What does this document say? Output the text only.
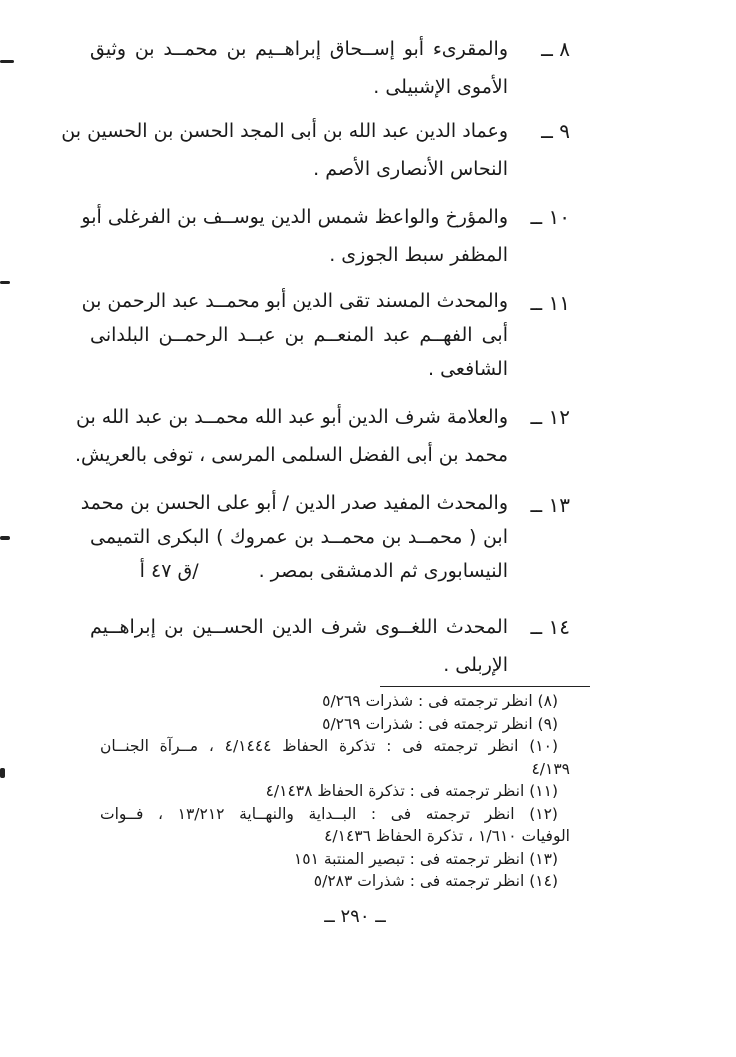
٨ ــ
والمقرىء أبو إســحاق إبراهــيم بن محمــد بن وثيق
الأموى الإشبيلى .
٩ ــ
وعماد الدين عبد الله بن أبى المجد الحسن بن الحسين بن
النحاس الأنصارى الأصم .
١٠ ــ
والمؤرخ والواعظ شمس الدين يوســف بن الفرغلى أبو
المظفر سبط الجوزى .
١١ ــ
والمحدث المسند تقى الدين أبو محمــد عبد الرحمن بن
أبى الفهــم عبد المنعــم بن عبــد الرحمــن البلدانى
الشافعى .
١٢ ــ
والعلامة شرف الدين أبو عبد الله محمــد بن عبد الله بن
محمد بن أبى الفضل السلمى المرسى ، توفى بالعريش.
١٣ ــ
والمحدث المفيد صدر الدين / أبو على الحسن بن محمد
ابن ( محمــد بن محمــد بن عمروك ) البكرى التميمى
النيسابورى ثم الدمشقى بمصر ./ق ٤٧ أ
١٤ ــ
المحدث اللغــوى شرف الدين الحســين بن إبراهــيم
الإربلى .
(٨) انظر ترجمته فى : شذرات ٥/٢٦٩
(٩) انظر ترجمته فى : شذرات ٥/٢٦٩
(١٠) انظر ترجمته فى : تذكرة الحفاظ ٤/١٤٤٤ ، مــرآة الجنــان
٤/١٣٩
(١١) انظر ترجمته فى : تذكرة الحفاظ ٤/١٤٣٨
(١٢) انظر ترجمته فى : البــداية والنهــاية ١٣/٢١٢ ، فــوات
الوفيات ١/٦١٠ ، تذكرة الحفاظ ٤/١٤٣٦
(١٣) انظر ترجمته فى : تبصير المنتبة ١٥١
(١٤) انظر ترجمته فى : شذرات ٥/٢٨٣
ــ ٢٩٠ ــ
